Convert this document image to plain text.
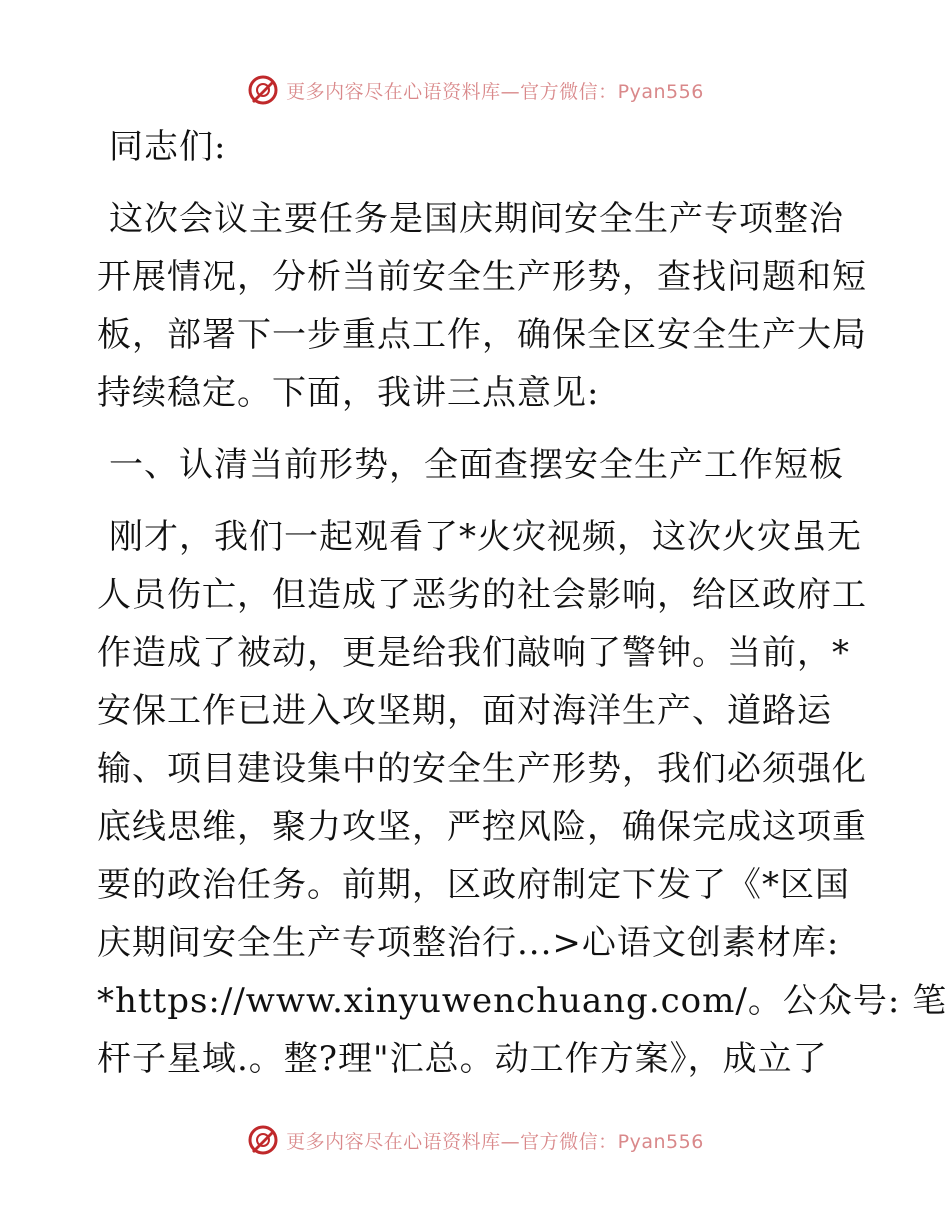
更多内容尽在心语资料库—官方微信：Pyan556
同志们:
这次会议主要任务是国庆期间安全生产专项整治
开展情况，分析当前安全生产形势，查找问题和短
板，部署下一步重点工作，确保全区安全生产大局
持续稳定。下面，我讲三点意见:
一、认清当前形势，全面查摆安全生产工作短板
刚才，我们一起观看了*火灾视频，这次火灾虽无
人员伤亡，但造成了恶劣的社会影响，给区政府工
作造成了被动，更是给我们敲响了警钟。当前，*
安保工作已进入攻坚期，面对海洋生产、道路运
输、项目建设集中的安全生产形势，我们必须强化
底线思维，聚力攻坚，严控风险，确保完成这项重
要的政治任务。前期，区政府制定下发了《*区国
庆期间安全生产专项整治行...>心语文创素材库:
*https://www.xinyuwenchuang.com/。公众号: 笔
杆子星域.。整?理"汇总。动工作方案》，成立了
更多内容尽在心语资料库—官方微信：Pyan556
